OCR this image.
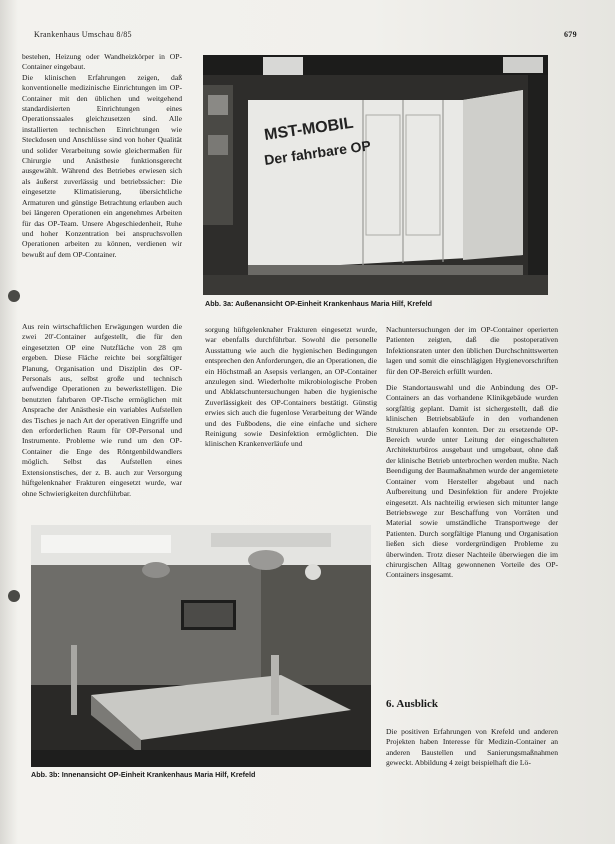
Krankenhaus Umschau 8/85	679

bestehen, Heizung oder Wandheizkörper in OP-Container eingebaut.

Die klinischen Erfahrungen zeigen, daß konventionelle medizinische Einrichtungen im OP-Container mit den üblichen und weitgehend standardisierten Einrichtungen eines Operationssaales gleichzusetzen sind. Alle installierten technischen Einrichtungen wie Steckdosen und Anschlüsse sind von hoher Qualität und solider Verarbeitung sowie gleichermaßen für Chirurgie und Anästhesie funktionsgerecht ausgewählt. Während des Betriebes erwiesen sich als äußerst zuverlässig und betriebssicher: Die eingesetzte Klimatisierung, übersichtliche Armaturen und günstige Betrachtung erlauben auch bei längeren Operationen ein angenehmes Arbeiten für das OP-Team. Unsere Abgeschiedenheit, Ruhe und hoher Konzentration bei anspruchsvollen Operationen arbeiten zu können, verdienen wir bewußt auf dem OP-Container.

Aus rein wirtschaftlichen Erwägungen wurden die zwei 20'-Container aufgestellt, die für den eingesetzten OP eine Nutzfläche von 28 qm ergeben. Diese Fläche reichte bei sorgfältiger Planung, Organisation und Disziplin des OP-Personals aus, selbst große und technisch aufwendige Operationen zu bewerkstelligen. Die benutzten fahrbaren OP-Tische ermöglichen mit Ansprache der Anästhesie ein variables Aufstellen des Tisches je nach Art der operativen Eingriffe und den erforderlichen Raum für OP-Personal und Instrumente. Probleme wie rund um den OP-Container die Enge des Röntgenbildwandlers möglich. Selbst das Aufstellen eines Extensionstisches, der z. B. auch zur Versorgung hüftgelenknaher Frakturen eingesetzt wurde, war ohne Schwierigkeiten durchführbar.

MST-MOBIL
Der fahrbare OP
Abb. 3a: Außenansicht OP-Einheit Krankenhaus Maria Hilf, Krefeld

sorgung hüftgelenknaher Frakturen eingesetzt wurde, war ebenfalls durchführbar. Sowohl die personelle Ausstattung wie auch die hygienischen Bedingungen entsprechen den Anforderungen, die an Operationen, die ein Höchstmaß an Asepsis verlangen, an OP-Container anzulegen sind. Wiederholte mikrobiologische Proben und Abklatschuntersuchungen haben die hygienische Zuverlässigkeit des OP-Containers bestätigt. Günstig erwies sich auch die fugenlose Verarbeitung der Wände und des Fußbodens, die eine einfache und sichere Reinigung sowie Desinfektion ermöglichten. Die klinischen Krankenverläufe und

Nachuntersuchungen der im OP-Container operierten Patienten zeigten, daß die postoperativen Infektionsraten unter den üblichen Durchschnittswerten lagen und somit die einschlägigen Hygienevorschriften für den OP-Bereich erfüllt wurden.

Die Standortauswahl und die Anbindung des OP-Containers an das vorhandene Klinikgebäude wurden sorgfältig geplant. Damit ist sichergestellt, daß die klinischen Betriebsabläufe in den vorhandenen Strukturen ablaufen konnten. Der zu ersetzende OP-Bereich wurde unter Leitung der eingeschalteten Architekturbüros ausgebaut und umgebaut, ohne daß der klinische Betrieb unterbrochen werden mußte. Nach Beendigung der Baumaßnahmen wurde der angemietete Container vom Hersteller abgebaut und nach Aufbereitung und Desinfektion für andere Projekte eingesetzt. Als nachteilig erwiesen sich mitunter lange Betriebswege zur Beschaffung von Vorräten und Material sowie umständliche Transportwege der Patienten. Durch sorgfältige Planung und Organisation ließen sich diese vordergründigen Probleme zu überwinden. Trotz dieser Nachteile überwiegen die im chirurgischen Alltag gewonnenen Vorteile des OP-Containers insgesamt.

Abb. 3b: Innenansicht OP-Einheit Krankenhaus Maria Hilf, Krefeld
6. Ausblick

Die positiven Erfahrungen von Krefeld und anderen Projekten haben Interesse für Medizin-Container an anderen Baustellen und Sanierungsmaßnahmen geweckt. Abbildung 4 zeigt beispielhaft die Lö-
